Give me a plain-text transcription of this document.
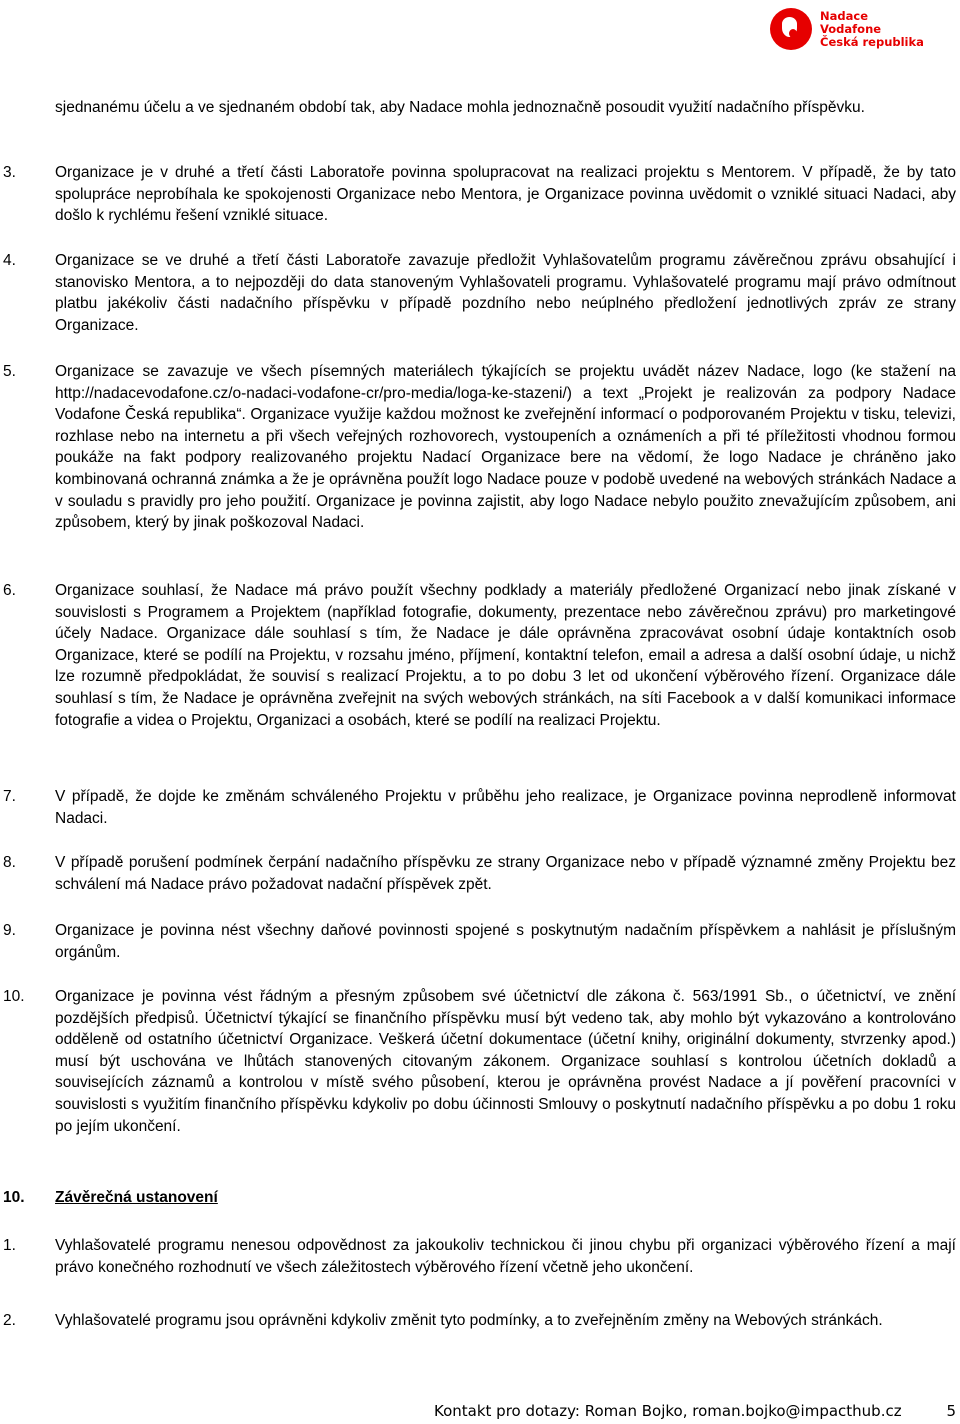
Nadace
Vodafone
Česká republika
sjednanému účelu a ve sjednaném období tak, aby Nadace mohla jednoznačně posoudit využití nadačního příspěvku.
3.	Organizace je v druhé a třetí části Laboratoře povinna spolupracovat na realizaci projektu s Mentorem. V případě, že by tato spolupráce neprobíhala ke spokojenosti Organizace nebo Mentora, je Organizace povinna uvědomit o vzniklé situaci Nadaci, aby došlo k rychlému řešení vzniklé situace.
4.	Organizace se ve druhé a třetí části Laboratoře zavazuje předložit Vyhlašovatelům programu závěrečnou zprávu obsahující i stanovisko Mentora, a to nejpozději do data stanoveným Vyhlašovateli programu. Vyhlašovatelé programu mají právo odmítnout platbu jakékoliv části nadačního příspěvku v případě pozdního nebo neúplného předložení jednotlivých zpráv ze strany Organizace.
5.	Organizace se zavazuje ve všech písemných materiálech týkajících se projektu uvádět název Nadace, logo (ke stažení na http://nadacevodafone.cz/o-nadaci-vodafone-cr/pro-media/loga-ke-stazeni/) a text „Projekt je realizován za podpory Nadace Vodafone Česká republika“. Organizace využije každou možnost ke zveřejnění informací o podporovaném Projektu v tisku, televizi, rozhlase nebo na internetu a při všech veřejných rozhovorech, vystoupeních a oznámeních a při té příležitosti vhodnou formou poukáže na fakt podpory realizovaného projektu Nadací Organizace bere na vědomí, že logo Nadace je chráněno jako kombinovaná ochranná známka a že je oprávněna použít logo Nadace pouze v podobě uvedené na webových stránkách Nadace a v souladu s pravidly pro jeho použití. Organizace je povinna zajistit, aby logo Nadace nebylo použito znevažujícím způsobem, ani způsobem, který by jinak poškozoval Nadaci.
6.	Organizace souhlasí, že Nadace má právo použít všechny podklady a materiály předložené Organizací nebo jinak získané v souvislosti s Programem a Projektem (například fotografie, dokumenty, prezentace nebo závěrečnou zprávu) pro marketingové účely Nadace. Organizace dále souhlasí s tím, že Nadace je dále oprávněna zpracovávat osobní údaje kontaktních osob Organizace, které se podílí na Projektu, v rozsahu jméno, příjmení, kontaktní telefon, email a adresa a další osobní údaje, u nichž lze rozumně předpokládat, že souvisí s realizací Projektu, a to po dobu 3 let od ukončení výběrového řízení. Organizace dále souhlasí s tím, že Nadace je oprávněna zveřejnit na svých webových stránkách, na síti Facebook a v další komunikaci informace fotografie a videa o Projektu, Organizaci a osobách, které se podílí na realizaci Projektu.
7.	V případě, že dojde ke změnám schváleného Projektu v průběhu jeho realizace, je Organizace povinna neprodleně informovat Nadaci.
8.	V případě porušení podmínek čerpání nadačního příspěvku ze strany Organizace nebo v případě významné změny Projektu bez schválení má Nadace právo požadovat nadační příspěvek zpět.
9.	Organizace je povinna nést všechny daňové povinnosti spojené s poskytnutým nadačním příspěvkem a nahlásit je příslušným orgánům.
10. Organizace je povinna vést řádným a přesným způsobem své účetnictví dle zákona č. 563/1991 Sb., o účetnictví, ve znění pozdějších předpisů. Účetnictví týkající se finančního příspěvku musí být vedeno tak, aby mohlo být vykazováno a kontrolováno odděleně od ostatního účetnictví Organizace. Veškerá účetní dokumentace (účetní knihy, originální dokumenty, stvrzenky apod.) musí být uschována ve lhůtách stanovených citovaným zákonem. Organizace souhlasí s kontrolou účetních dokladů a souvisejících záznamů a kontrolou v místě svého působení, kterou je oprávněna provést Nadace a jí pověření pracovníci v souvislosti s využitím finančního příspěvku kdykoliv po dobu účinnosti Smlouvy o poskytnutí nadačního příspěvku a po dobu 1 roku po jejím ukončení.
10. Závěrečná ustanovení
1.	Vyhlašovatelé programu nenesou odpovědnost za jakoukoliv technickou či jinou chybu při organizaci výběrového řízení a mají právo konečného rozhodnutí ve všech záležitostech výběrového řízení včetně jeho ukončení.
2.	Vyhlašovatelé programu jsou oprávněni kdykoliv změnit tyto podmínky, a to zveřejněním změny na Webových stránkách.
Kontakt pro dotazy: Roman Bojko, roman.bojko@impacthub.cz	5
